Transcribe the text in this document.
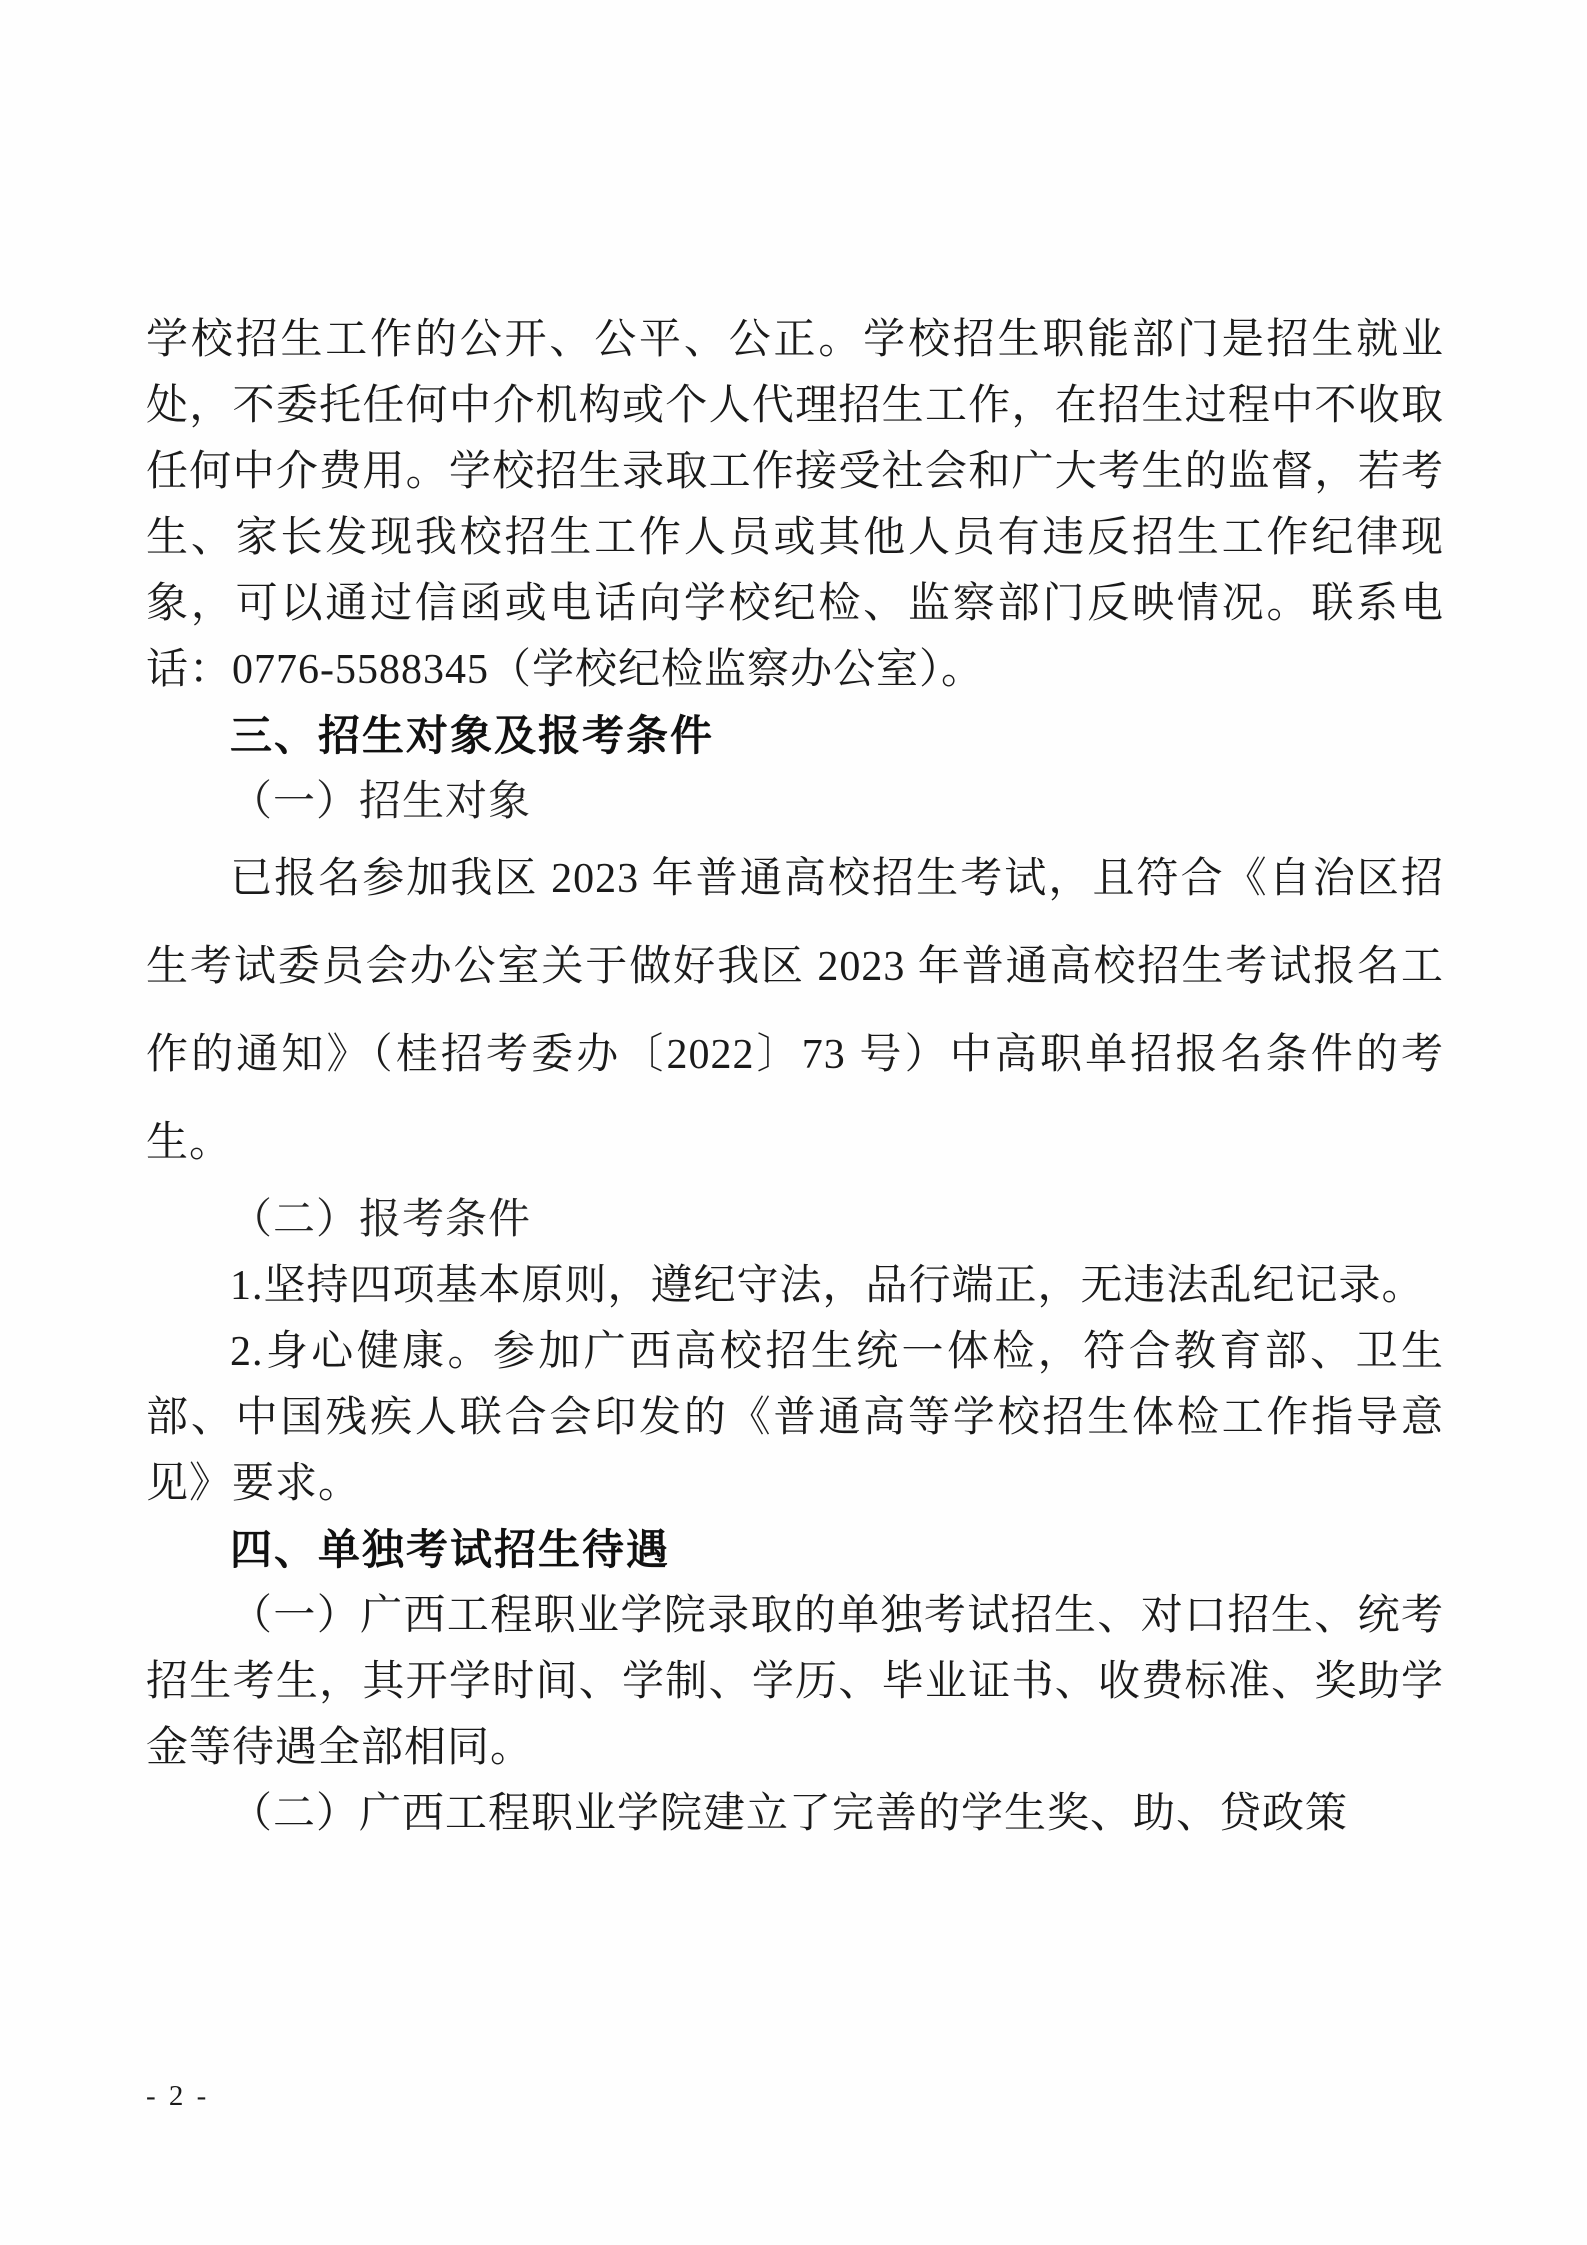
学校招生工作的公开、公平、公正。学校招生职能部门是招生就业处，不委托任何中介机构或个人代理招生工作，在招生过程中不收取任何中介费用。学校招生录取工作接受社会和广大考生的监督，若考生、家长发现我校招生工作人员或其他人员有违反招生工作纪律现象，可以通过信函或电话向学校纪检、监察部门反映情况。联系电话：0776-5588345（学校纪检监察办公室）。

三、招生对象及报考条件

（一）招生对象

已报名参加我区 2023 年普通高校招生考试，且符合《自治区招生考试委员会办公室关于做好我区 2023 年普通高校招生考试报名工作的通知》（桂招考委办〔2022〕73 号）中高职单招报名条件的考生。

（二）报考条件

1.坚持四项基本原则，遵纪守法，品行端正，无违法乱纪记录。

2.身心健康。参加广西高校招生统一体检，符合教育部、卫生部、中国残疾人联合会印发的《普通高等学校招生体检工作指导意见》要求。

四、单独考试招生待遇

（一）广西工程职业学院录取的单独考试招生、对口招生、统考招生考生，其开学时间、学制、学历、毕业证书、收费标准、奖助学金等待遇全部相同。

（二）广西工程职业学院建立了完善的学生奖、助、贷政策

- 2 -
